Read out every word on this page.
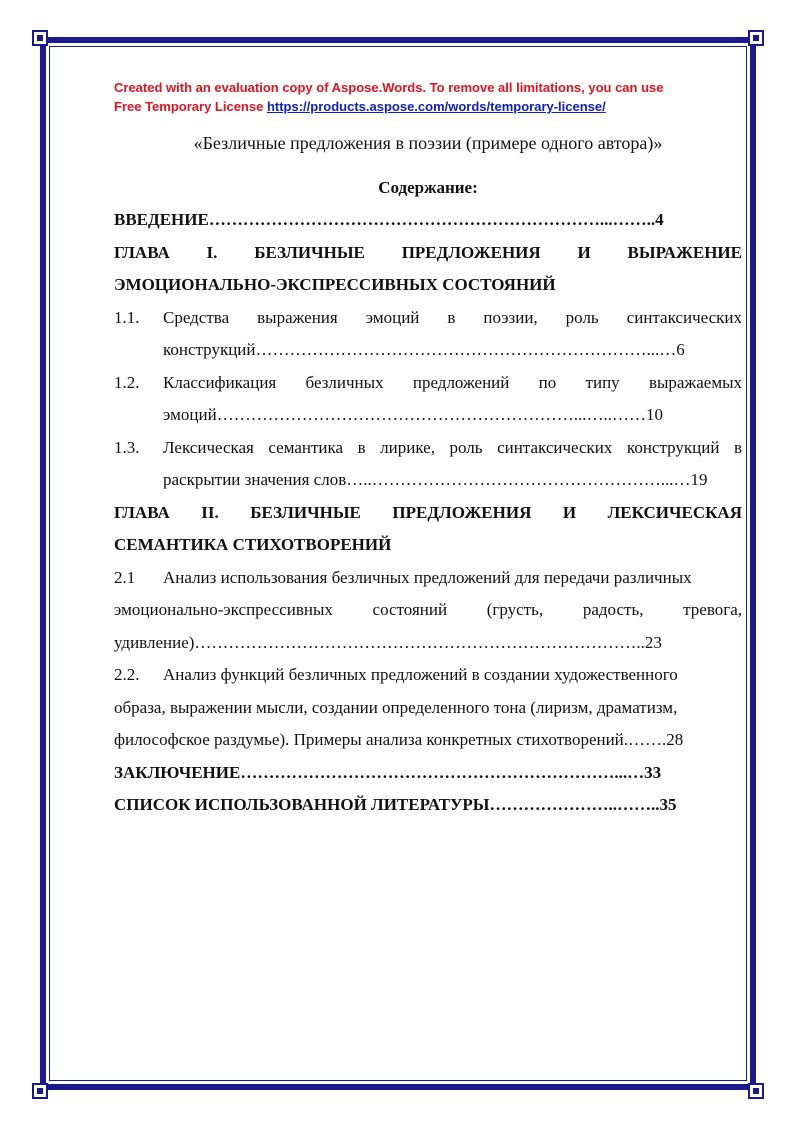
Created with an evaluation copy of Aspose.Words. To remove all limitations, you can use
Free Temporary License https://products.aspose.com/words/temporary-license/
«Безличные предложения в поэзии (примере одного автора)»
Содержание:
ВВЕДЕНИЕ……………………………………………………………...……..4
ГЛАВА I. БЕЗЛИЧНЫЕ ПРЕДЛОЖЕНИЯ И ВЫРАЖЕНИЕ
ЭМОЦИОНАЛЬНО-ЭКСПРЕССИВНЫХ СОСТОЯНИЙ
1.1. Средства выражения эмоций в поэзии, роль синтаксических
конструкций……………………………………………………………...…6
1.2. Классификация безличных предложений по типу выражаемых
эмоций………………………………………………………...…..……10
1.3. Лексическая семантика в лирике, роль синтаксических конструкций в
раскрытии значения слов…..……………………………………………...…19
ГЛАВА II. БЕЗЛИЧНЫЕ ПРЕДЛОЖЕНИЯ И ЛЕКСИЧЕСКАЯ
СЕМАНТИКА СТИХОТВОРЕНИЙ
2.1 Анализ использования безличных предложений для передачи различных
эмоционально-экспрессивных состояний (грусть, радость, тревога,
удивление)……………………………………………………………………..23
2.2. Анализ функций безличных предложений в создании художественного
образа, выражении мысли, создании определенного тона (лиризм, драматизм,
философское раздумье). Примеры анализа конкретных стихотворений.…….28
ЗАКЛЮЧЕНИЕ…………………………………………………………...…33
СПИСОК ИСПОЛЬЗОВАННОЙ ЛИТЕРАТУРЫ…………………..……..35
